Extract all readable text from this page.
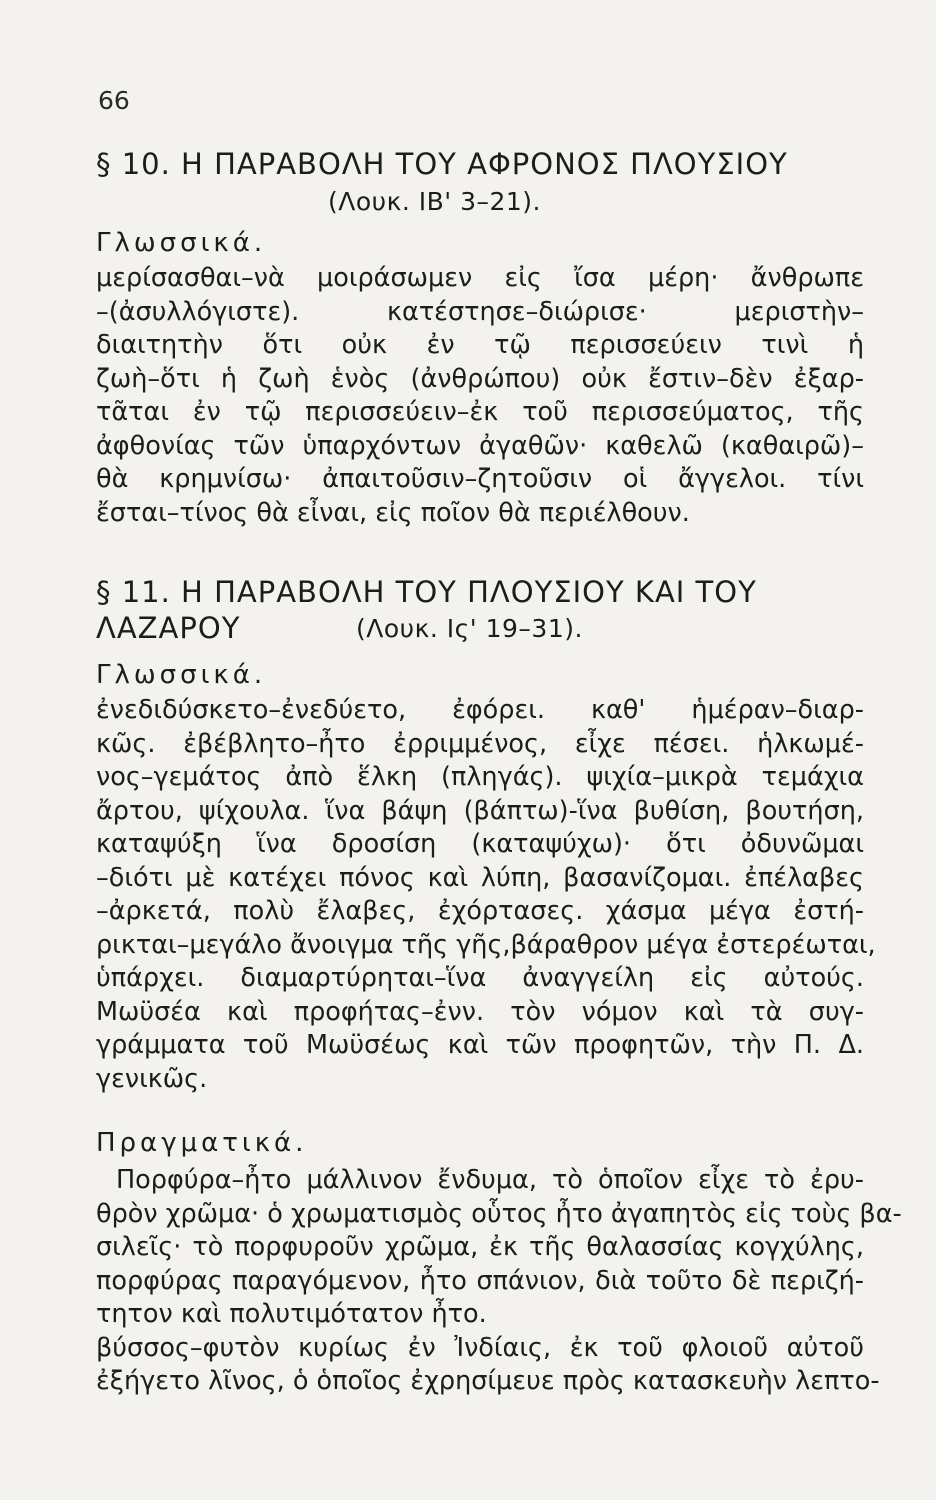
66
§ 10. Η ΠΑΡΑΒΟΛΗ ΤΟΥ ΑΦΡΟΝΟΣ ΠΛΟΥΣΙΟΥ
(Λουκ. ΙΒ' 3–21).
Γλωσσικά.
μερίσασθαι–νὰ μοιράσωμεν εἰς ἴσα μέρη· ἄνθρωπε
–(ἀσυλλόγιστε). κατέστησε–διώρισε· μεριστὴν–
διαιτητὴν ὅτι οὐκ ἐν τῷ περισσεύειν τινὶ ἡ
ζωὴ–ὅτι ἡ ζωὴ ἑνὸς (ἀνθρώπου) οὐκ ἔστιν–δὲν ἐξαρ-
τᾶται ἐν τῷ περισσεύειν–ἐκ τοῦ περισσεύματος, τῆς
ἀφθονίας τῶν ὑπαρχόντων ἀγαθῶν· καθελῶ (καθαιρῶ)–
θὰ κρημνίσω· ἀπαιτοῦσιν–ζητοῦσιν οἱ ἄγγελοι. τίνι
ἔσται–τίνος θὰ εἶναι, εἰς ποῖον θὰ περιέλθουν.
§ 11. Η ΠΑΡΑΒΟΛΗ ΤΟΥ ΠΛΟΥΣΙΟΥ ΚΑΙ ΤΟΥ ΛΑΖΑΡΟΥ	(Λουκ. Ις' 19–31).
Γλωσσικά.
ἐνεδιδύσκετο–ἐνεδύετο, ἐφόρει. καθ' ἡμέραν–διαρ-
κῶς. ἐβέβλητο–ἦτο ἐρριμμένος, εἶχε πέσει. ἡλκωμέ-
νος–γεμάτος ἀπὸ ἕλκη (πληγάς). ψιχία–μικρὰ τεμάχια
ἄρτου, ψίχουλα. ἵνα βάψη (βάπτω)-ἵνα βυθίση, βουτήση,
καταψύξη ἵνα δροσίση (καταψύχω)· ὅτι ὀδυνῶμαι
–διότι μὲ κατέχει πόνος καὶ λύπη, βασανίζομαι. ἐπέλαβες
–ἀρκετά, πολὺ ἔλαβες, ἐχόρτασες. χάσμα μέγα ἐστή-
ρικται–μεγάλο ἄνοιγμα τῆς γῆς,βάραθρον μέγα ἐστερέωται,
ὑπάρχει. διαμαρτύρηται–ἵνα ἀναγγείλη εἰς αὐτούς.
Μωϋσέα καὶ προφήτας–ἐνν. τὸν νόμον καὶ τὰ συγ-
γράμματα τοῦ Μωϋσέως καὶ τῶν προφητῶν, τὴν Π. Δ.
γενικῶς.
Πραγματικά.
Πορφύρα–ἦτο μάλλινον ἔνδυμα, τὸ ὁποῖον εἶχε τὸ ἐρυ-
θρὸν χρῶμα· ὁ χρωματισμὸς οὗτος ἦτο ἀγαπητὸς εἰς τοὺς βα-
σιλεῖς· τὸ πορφυροῦν χρῶμα, ἐκ τῆς θαλασσίας κογχύλης,
πορφύρας παραγόμενον, ἦτο σπάνιον, διὰ τοῦτο δὲ περιζή-
τητον καὶ πολυτιμότατον ἦτο.
βύσσος–φυτὸν κυρίως ἐν Ἰνδίαις, ἐκ τοῦ φλοιοῦ αὐτοῦ
ἐξήγετο λῖνος, ὁ ὁποῖος ἐχρησίμευε πρὸς κατασκευὴν λεπτο-
